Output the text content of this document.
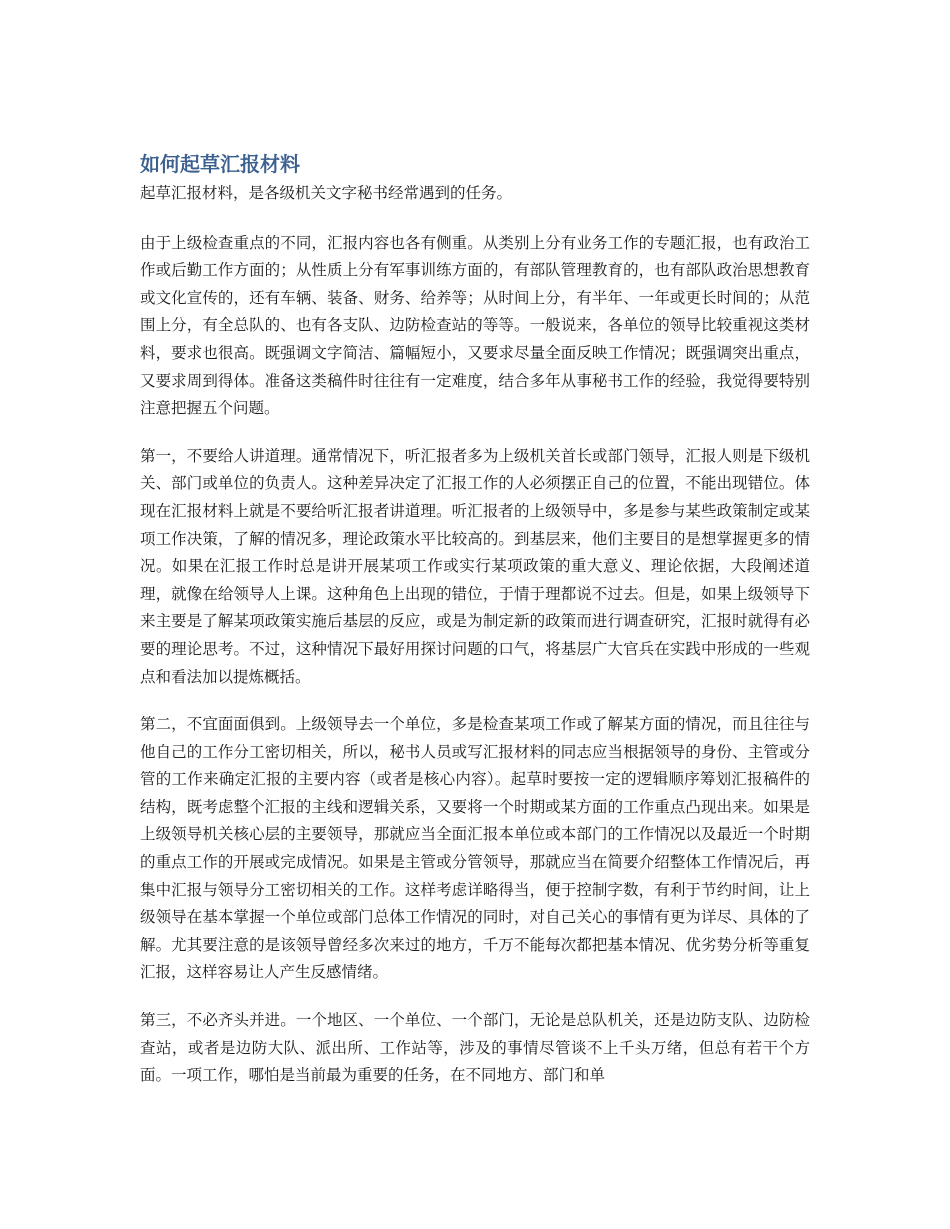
如何起草汇报材料

起草汇报材料，是各级机关文字秘书经常遇到的任务。

由于上级检查重点的不同，汇报内容也各有侧重。从类别上分有业务工作的专题汇报，也有政治工作或后勤工作方面的；从性质上分有军事训练方面的，有部队管理教育的，也有部队政治思想教育或文化宣传的，还有车辆、装备、财务、给养等；从时间上分，有半年、一年或更长时间的；从范围上分，有全总队的、也有各支队、边防检查站的等等。一般说来，各单位的领导比较重视这类材料，要求也很高。既强调文字简洁、篇幅短小，又要求尽量全面反映工作情况；既强调突出重点，又要求周到得体。准备这类稿件时往往有一定难度，结合多年从事秘书工作的经验，我觉得要特别注意把握五个问题。

第一，不要给人讲道理。通常情况下，听汇报者多为上级机关首长或部门领导，汇报人则是下级机关、部门或单位的负责人。这种差异决定了汇报工作的人必须摆正自己的位置，不能出现错位。体现在汇报材料上就是不要给听汇报者讲道理。听汇报者的上级领导中，多是参与某些政策制定或某项工作决策，了解的情况多，理论政策水平比较高的。到基层来，他们主要目的是想掌握更多的情况。如果在汇报工作时总是讲开展某项工作或实行某项政策的重大意义、理论依据，大段阐述道理，就像在给领导人上课。这种角色上出现的错位，于情于理都说不过去。但是，如果上级领导下来主要是了解某项政策实施后基层的反应，或是为制定新的政策而进行调查研究，汇报时就得有必要的理论思考。不过，这种情况下最好用探讨问题的口气，将基层广大官兵在实践中形成的一些观点和看法加以提炼概括。

第二，不宜面面俱到。上级领导去一个单位，多是检查某项工作或了解某方面的情况，而且往往与他自己的工作分工密切相关，所以，秘书人员或写汇报材料的同志应当根据领导的身份、主管或分管的工作来确定汇报的主要内容（或者是核心内容）。起草时要按一定的逻辑顺序筹划汇报稿件的结构，既考虑整个汇报的主线和逻辑关系，又要将一个时期或某方面的工作重点凸现出来。如果是上级领导机关核心层的主要领导，那就应当全面汇报本单位或本部门的工作情况以及最近一个时期的重点工作的开展或完成情况。如果是主管或分管领导，那就应当在简要介绍整体工作情况后，再集中汇报与领导分工密切相关的工作。这样考虑详略得当，便于控制字数，有利于节约时间，让上级领导在基本掌握一个单位或部门总体工作情况的同时，对自己关心的事情有更为详尽、具体的了解。尤其要注意的是该领导曾经多次来过的地方，千万不能每次都把基本情况、优劣势分析等重复汇报，这样容易让人产生反感情绪。

第三，不必齐头并进。一个地区、一个单位、一个部门，无论是总队机关，还是边防支队、边防检查站，或者是边防大队、派出所、工作站等，涉及的事情尽管谈不上千头万绪，但总有若干个方面。一项工作，哪怕是当前最为重要的任务，在不同地方、部门和单
